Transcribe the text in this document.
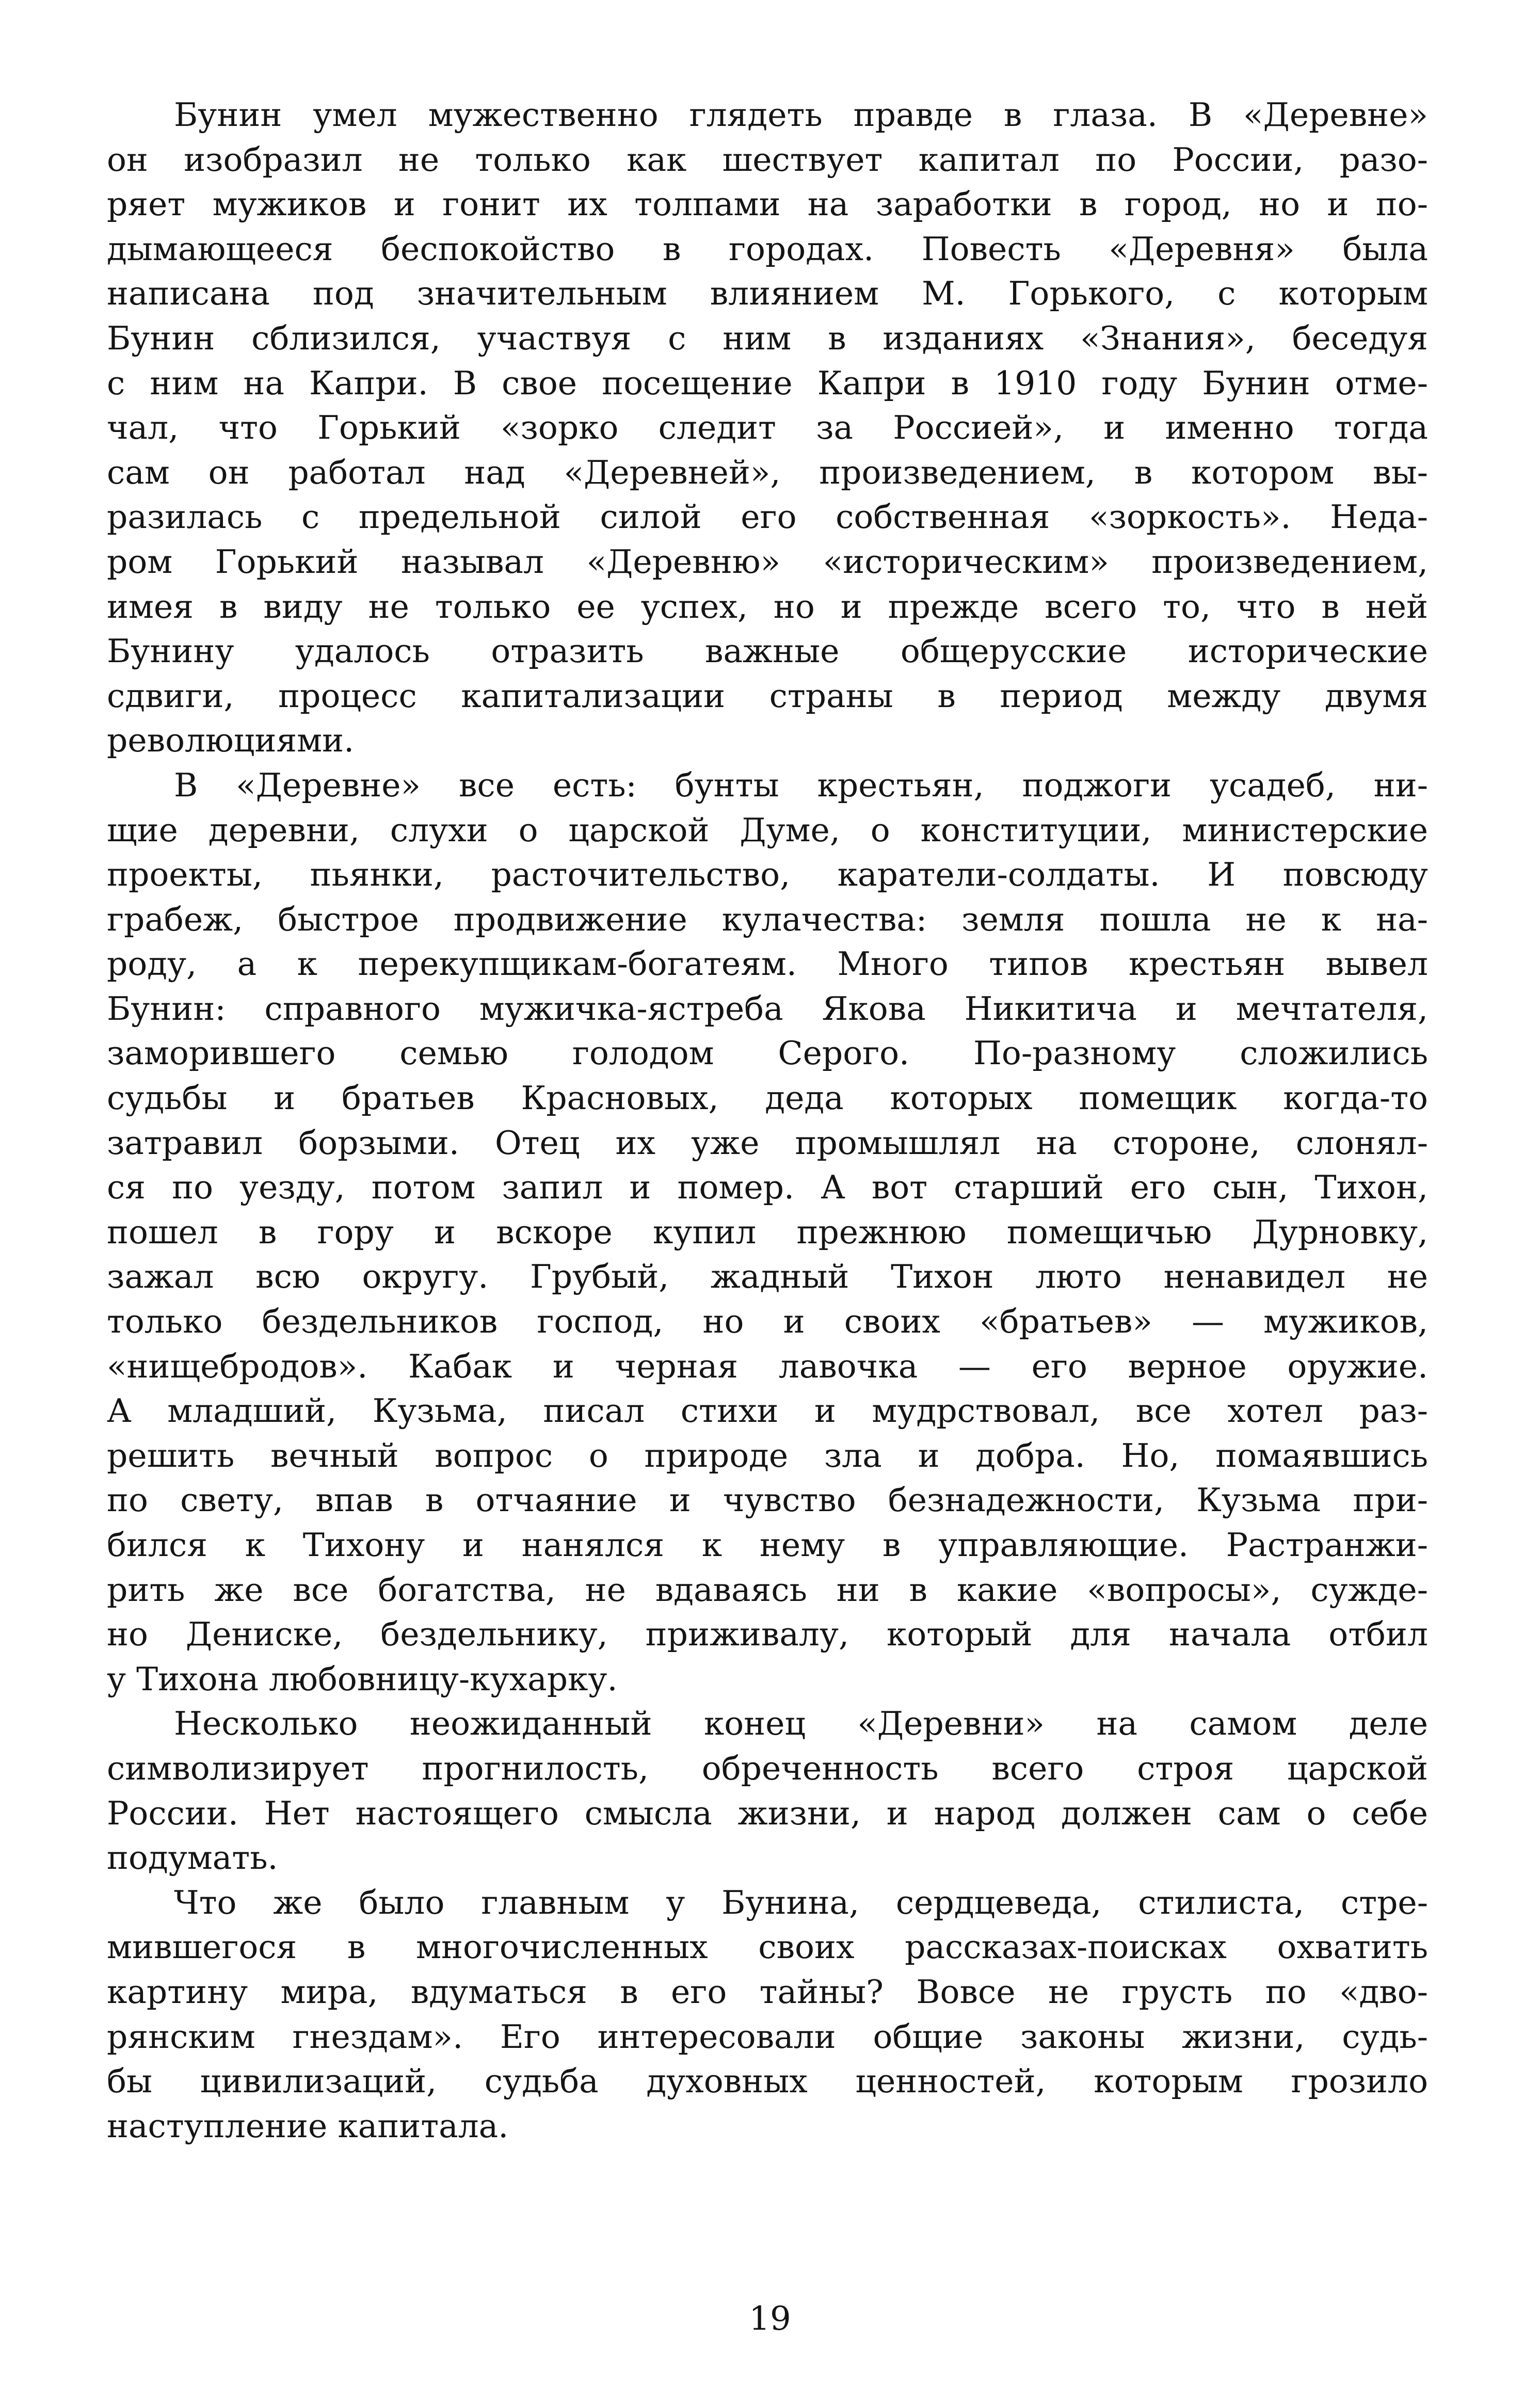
Бунин умел мужественно глядеть правде в глаза. В «Деревне»
он изобразил не только как шествует капитал по России, разо-
ряет мужиков и гонит их толпами на заработки в город, но и по-
дымающееся беспокойство в городах. Повесть «Деревня» была
написана под значительным влиянием М. Горького, с которым
Бунин сблизился, участвуя с ним в изданиях «Знания», беседуя
с ним на Капри. В свое посещение Капри в 1910 году Бунин отме-
чал, что Горький «зорко следит за Россией», и именно тогда
сам он работал над «Деревней», произведением, в котором вы-
разилась с предельной силой его собственная «зоркость». Неда-
ром Горький называл «Деревню» «историческим» произведением,
имея в виду не только ее успех, но и прежде всего то, что в ней
Бунину удалось отразить важные общерусские исторические
сдвиги, процесс капитализации страны в период между двумя
революциями.

В «Деревне» все есть: бунты крестьян, поджоги усадеб, ни-
щие деревни, слухи о царской Думе, о конституции, министерские
проекты, пьянки, расточительство, каратели-солдаты. И повсюду
грабеж, быстрое продвижение кулачества: земля пошла не к на-
роду, а к перекупщикам-богатеям. Много типов крестьян вывел
Бунин: справного мужичка-ястреба Якова Никитича и мечтателя,
заморившего семью голодом Серого. По-разному сложились
судьбы и братьев Красновых, деда которых помещик когда-то
затравил борзыми. Отец их уже промышлял на стороне, слонял-
ся по уезду, потом запил и помер. А вот старший его сын, Тихон,
пошел в гору и вскоре купил прежнюю помещичью Дурновку,
зажал всю округу. Грубый, жадный Тихон люто ненавидел не
только бездельников господ, но и своих «братьев» — мужиков,
«нищебродов». Кабак и черная лавочка — его верное оружие.
А младший, Кузьма, писал стихи и мудрствовал, все хотел раз-
решить вечный вопрос о природе зла и добра. Но, помаявшись
по свету, впав в отчаяние и чувство безнадежности, Кузьма при-
бился к Тихону и нанялся к нему в управляющие. Растранжи-
рить же все богатства, не вдаваясь ни в какие «вопросы», сужде-
но Дениске, бездельнику, приживалу, который для начала отбил
у Тихона любовницу-кухарку.

Несколько неожиданный конец «Деревни» на самом деле
символизирует прогнилость, обреченность всего строя царской
России. Нет настоящего смысла жизни, и народ должен сам о себе
подумать.

Что же было главным у Бунина, сердцеведа, стилиста, стре-
мившегося в многочисленных своих рассказах-поисках охватить
картину мира, вдуматься в его тайны? Вовсе не грусть по «дво-
рянским гнездам». Его интересовали общие законы жизни, судь-
бы цивилизаций, судьба духовных ценностей, которым грозило
наступление капитала.

19
